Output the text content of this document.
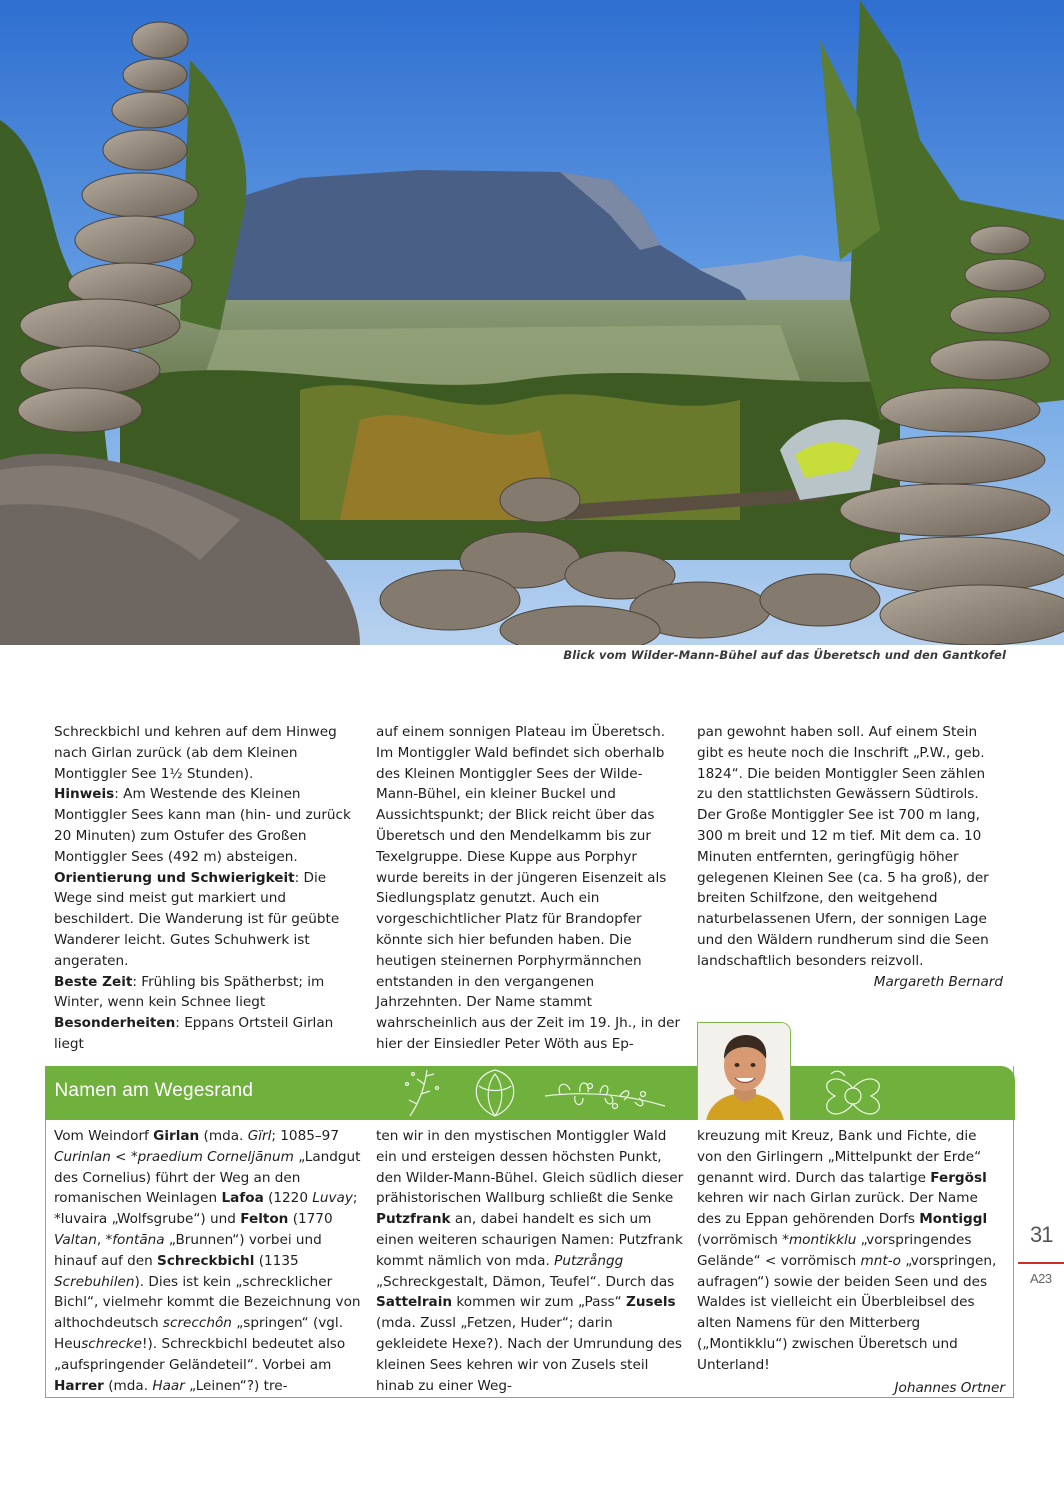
Blick vom Wilder-Mann-Bühel auf das Überetsch und den Gantkofel

Schreckbichl und kehren auf dem Hinweg nach Girlan zurück (ab dem Kleinen Montiggler See 1½ Stunden).

Hinweis: Am Westende des Kleinen Montiggler Sees kann man (hin- und zurück 20 Minuten) zum Ostufer des Großen Montiggler Sees (492 m) absteigen.

Orientierung und Schwierigkeit: Die Wege sind meist gut markiert und beschildert. Die Wanderung ist für geübte Wanderer leicht. Gutes Schuhwerk ist angeraten.

Beste Zeit: Frühling bis Spätherbst; im Winter, wenn kein Schnee liegt

Besonderheiten: Eppans Ortsteil Girlan liegt

auf einem sonnigen Plateau im Überetsch. Im Montiggler Wald befindet sich oberhalb des Kleinen Montiggler Sees der Wilde-Mann-Bühel, ein kleiner Buckel und Aussichtspunkt; der Blick reicht über das Überetsch und den Mendelkamm bis zur Texelgruppe. Diese Kuppe aus Porphyr wurde bereits in der jüngeren Eisenzeit als Siedlungsplatz genutzt. Auch ein vorgeschichtlicher Platz für Brandopfer könnte sich hier befunden haben. Die heutigen steinernen Porphyrmännchen entstanden in den vergangenen Jahrzehnten. Der Name stammt wahrscheinlich aus der Zeit im 19. Jh., in der hier der Einsiedler Peter Wöth aus Ep-

pan gewohnt haben soll. Auf einem Stein gibt es heute noch die Inschrift „P.W., geb. 1824“. Die beiden Montiggler Seen zählen zu den stattlichsten Gewässern Südtirols. Der Große Montiggler See ist 700 m lang, 300 m breit und 12 m tief. Mit dem ca. 10 Minuten entfernten, geringfügig höher gelegenen Kleinen See (ca. 5 ha groß), der breiten Schilfzone, den weitgehend naturbelassenen Ufern, der sonnigen Lage und den Wäldern rundherum sind die Seen landschaftlich besonders reizvoll.

Margareth Bernard

Namen am Wegesrand

Vom Weindorf Girlan (mda. Gïrl; 1085–97 Curinlan < *praedium Corneljānum „Landgut des Cornelius) führt der Weg an den romanischen Weinlagen Lafoa (1220 Luvay; *luvaira „Wolfsgrube“) und Felton (1770 Valtan, *fontāna „Brunnen“) vorbei und hinauf auf den Schreckbichl (1135 Screbuhilen). Dies ist kein „schrecklicher Bichl“, vielmehr kommt die Bezeichnung von althochdeutsch screcchôn „springen“ (vgl. Heuschrecke!). Schreckbichl bedeutet also „aufspringender Geländeteil“. Vorbei am Harrer (mda. Haar „Leinen“?) tre-

ten wir in den mystischen Montiggler Wald ein und ersteigen dessen höchsten Punkt, den Wilder-Mann-Bühel. Gleich südlich dieser prähistorischen Wallburg schließt die Senke Putzfrank an, dabei handelt es sich um einen weiteren schaurigen Namen: Putzfrank kommt nämlich von mda. Putzrångg „Schreckgestalt, Dämon, Teufel“. Durch das Sattelrain kommen wir zum „Pass“ Zusels (mda. Zussl „Fetzen, Huder“; darin gekleidete Hexe?). Nach der Umrundung des kleinen Sees kehren wir von Zusels steil hinab zu einer Weg-

kreuzung mit Kreuz, Bank und Fichte, die von den Girlingern „Mittelpunkt der Erde“ genannt wird. Durch das talartige Fergösl kehren wir nach Girlan zurück. Der Name des zu Eppan gehörenden Dorfs Montiggl (vorrömisch *montikklu „vorspringendes Gelände“ < vorrömisch mnt-o „vorspringen, aufragen“) sowie der beiden Seen und des Waldes ist vielleicht ein Überbleibsel des alten Namens für den Mitterberg („Montikklu“) zwischen Überetsch und Unterland!

Johannes Ortner

31
A23
